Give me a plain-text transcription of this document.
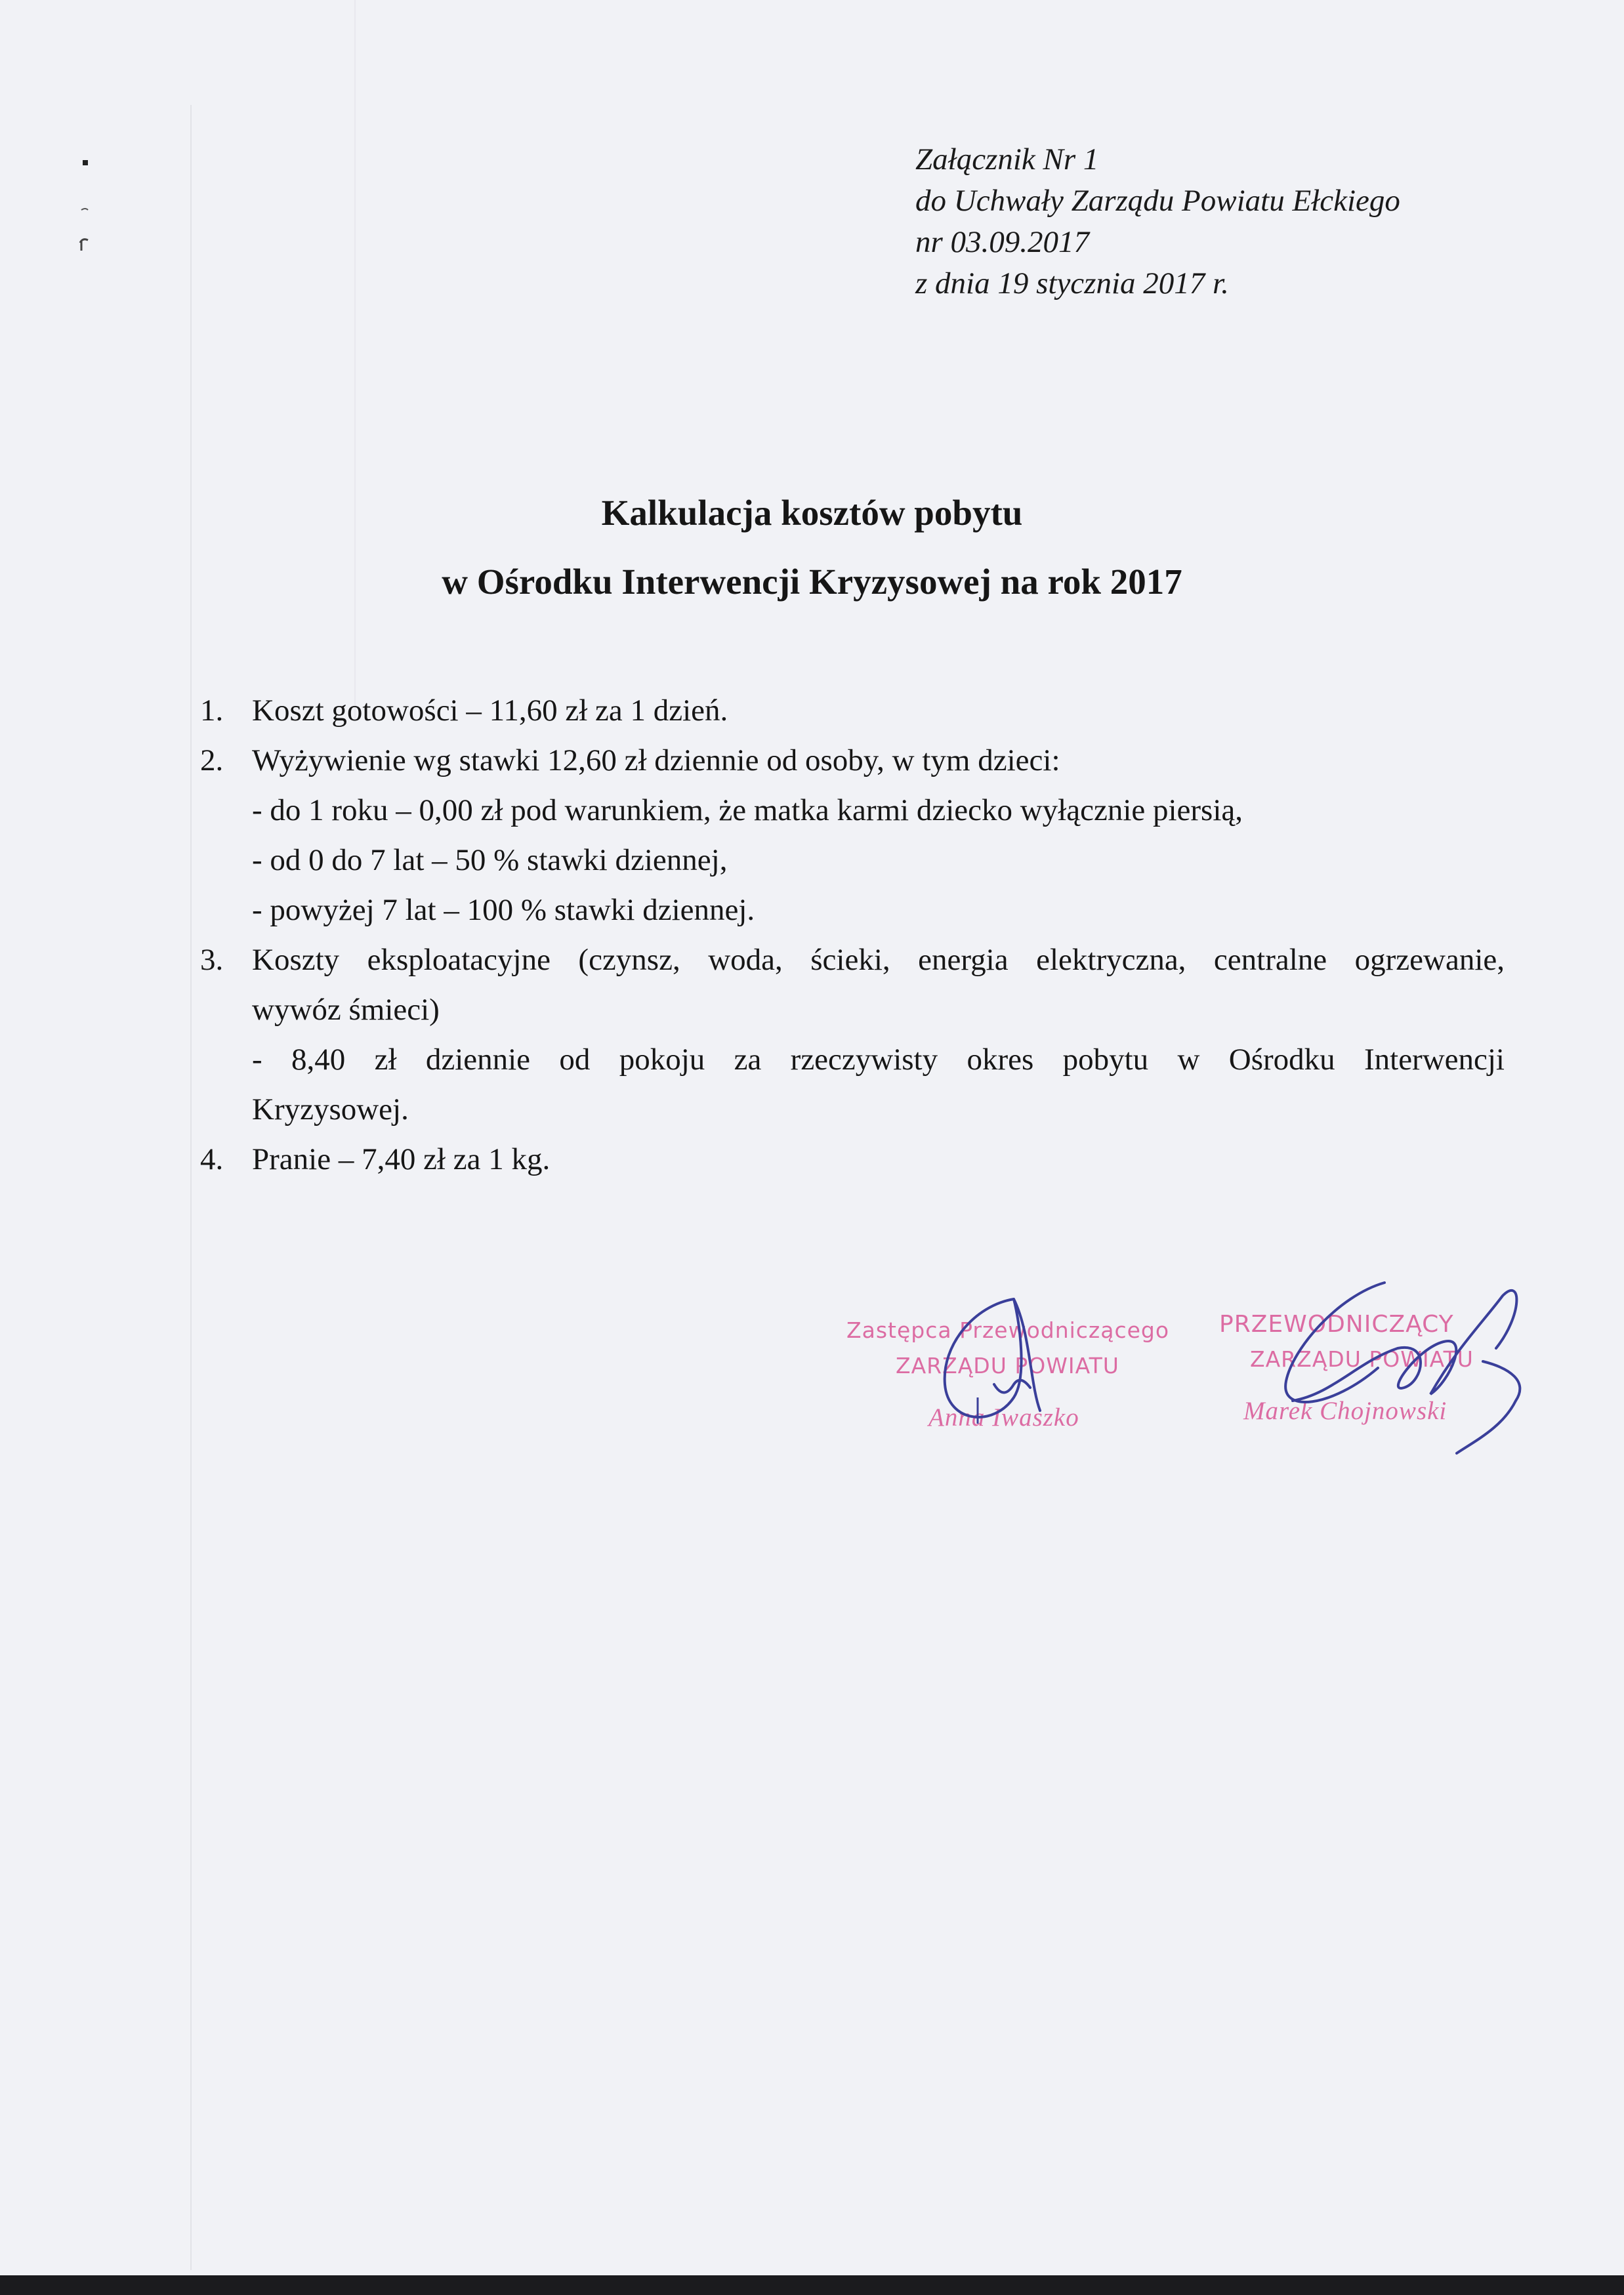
Załącznik Nr 1
do Uchwały Zarządu Powiatu Ełckiego
nr 03.09.2017
z dnia 19 stycznia 2017 r.
Kalkulacja kosztów pobytu
w Ośrodku Interwencji Kryzysowej na rok 2017
1. Koszt gotowości – 11,60 zł za 1 dzień.
2. Wyżywienie wg stawki 12,60 zł dziennie od osoby, w tym dzieci:
- do 1 roku – 0,00 zł pod warunkiem, że matka karmi dziecko wyłącznie piersią,
- od 0 do 7 lat – 50 % stawki dziennej,
- powyżej 7 lat – 100 % stawki dziennej.
3. Koszty eksploatacyjne (czynsz, woda, ścieki, energia elektryczna, centralne ogrzewanie,
wywóz śmieci)
- 8,40 zł dziennie od pokoju za rzeczywisty okres pobytu w Ośrodku Interwencji
Kryzysowej.
4. Pranie – 7,40 zł za 1 kg.
Zastępca Przewodniczącego
ZARZĄDU POWIATU
Anna Iwaszko
PRZEWODNICZĄCY
ZARZĄDU POWIATU
Marek Chojnowski
